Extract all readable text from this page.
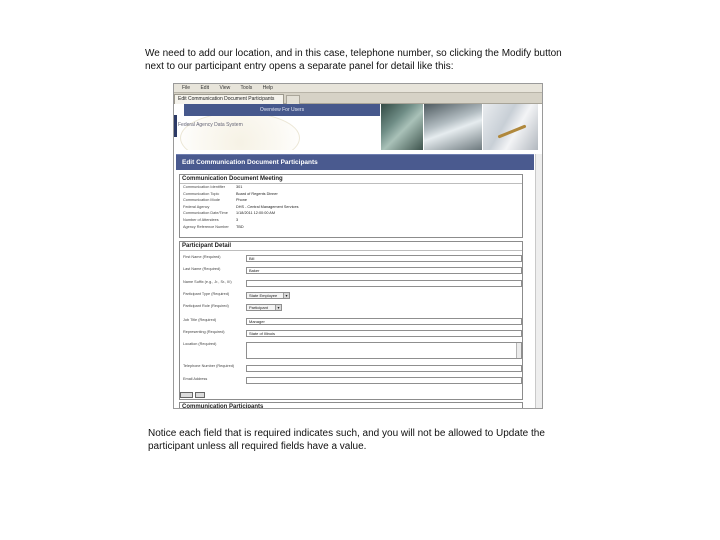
We need to add our location, and in this case, telephone number, so clicking the Modify button next to our participant entry opens a separate panel for detail like this:
File Edit View Tools Help
Edit Communication Document Participants
Overview For Users
Federal Agency Data System
Edit Communication Document Participants
Communication Document Meeting
Communication Identifier	301
Communication Topic	Board of Regents Dinner
Communication Mode	Phone
Federal Agency	DHS - Central Management Services
Communication Date/Time	1/18/2011 12:00:00 AM
Number of Attendees	3
Agency Reference Number	TBD
Participant Detail
First Name (Required)	Bill
Last Name (Required)	Baker
Name Suffix (e.g., Jr., Sr., III)
Participant Type (Required)	State Employee	▾
Participant Role (Required)	Participant	▾
Job Title (Required)	Manager
Representing (Required)	State of Illinois
Location (Required)
Telephone Number (Required)
Email Address
Communication Participants
Notice each field that is required indicates such, and you will not be allowed to Update the participant unless all required fields have a value.
